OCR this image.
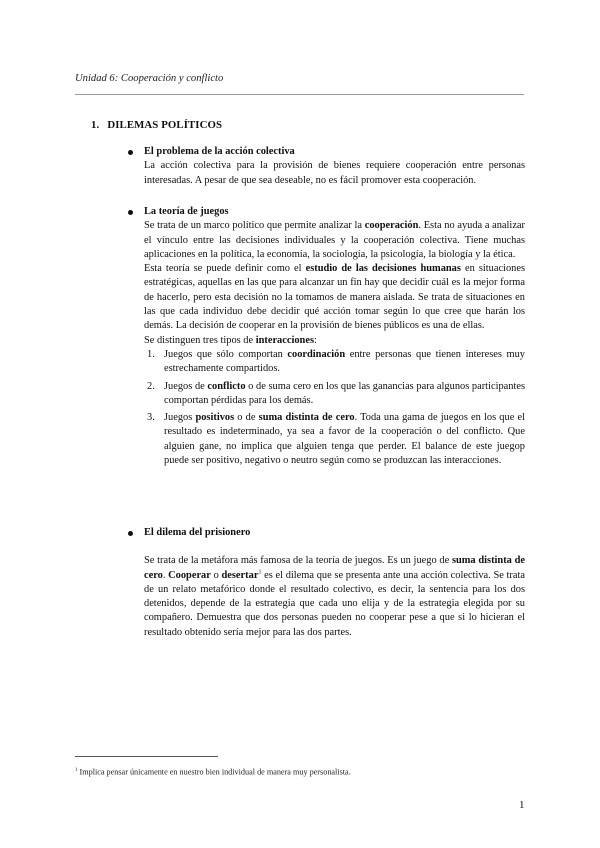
Unidad 6: Cooperación y conflicto
1. DILEMAS POLÍTICOS

El problema de la acción colectiva

La acción colectiva para la provisión de bienes requiere cooperación entre personas interesadas. A pesar de que sea deseable, no es fácil promover esta cooperación.

La teoría de juegos

Se trata de un marco político que permite analizar la cooperación. Esta no ayuda a analizar el vínculo entre las decisiones individuales y la cooperación colectiva. Tiene muchas aplicaciones en la política, la economía, la sociología, la psicología, la biología y la ética.

Esta teoría se puede definir como el estudio de las decisiones humanas en situaciones estratégicas, aquellas en las que para alcanzar un fin hay que decidir cuál es la mejor forma de hacerlo, pero esta decisión no la tomamos de manera aislada. Se trata de situaciones en las que cada individuo debe decidir qué acción tomar según lo que cree que harán los demás. La decisión de cooperar en la provisión de bienes públicos es una de ellas.

Se distinguen tres tipos de interacciones:

1. Juegos que sólo comportan coordinación entre personas que tienen intereses muy estrechamente compartidos.
2. Juegos de conflicto o de suma cero en los que las ganancias para algunos participantes comportan pérdidas para los demás.
3. Juegos positivos o de suma distinta de cero. Toda una gama de juegos en los que el resultado es indeterminado, ya sea a favor de la cooperación o del conflicto. Que alguien gane, no implica que alguien tenga que perder. El balance de este juegop puede ser positivo, negativo o neutro según como se produzcan las interacciones.

El dilema del prisionero

Se trata de la metáfora más famosa de la teoría de juegos. Es un juego de suma distinta de cero. Cooperar o desertar$^1$ es el dilema que se presenta ante una acción colectiva. Se trata de un relato metafórico donde el resultado colectivo, es decir, la sentencia para los dos detenidos, depende de la estrategia que cada uno elija y de la estrategia elegida por su compañero. Demuestra que dos personas pueden no cooperar pese a que si lo hicieran el resultado obtenido sería mejor para las dos partes.

$^1$ Implica pensar únicamente en nuestro bien individual de manera muy personalista.
1
